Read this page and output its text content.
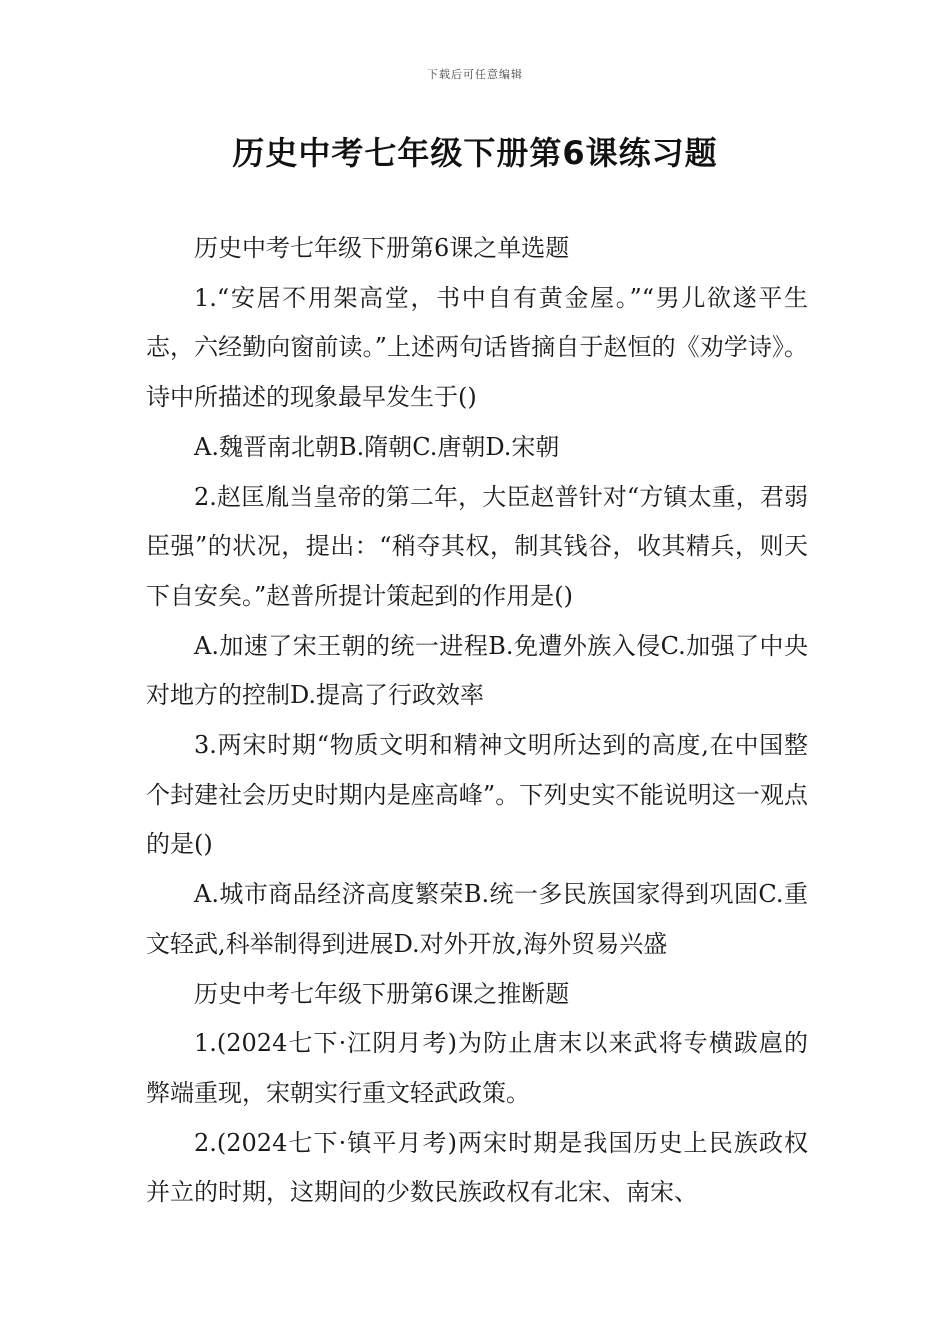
下载后可任意编辑
历史中考七年级下册第6课练习题

历史中考七年级下册第6课之单选题

1.“安居不用架高堂，书中自有黄金屋。”“男儿欲遂平生志，六经勤向窗前读。”上述两句话皆摘自于赵恒的《劝学诗》。诗中所描述的现象最早发生于()

A.魏晋南北朝B.隋朝C.唐朝D.宋朝

2.赵匡胤当皇帝的第二年，大臣赵普针对“方镇太重，君弱臣强”的状况，提出：“稍夺其权，制其钱谷，收其精兵，则天下自安矣。”赵普所提计策起到的作用是()

A.加速了宋王朝的统一进程B.免遭外族入侵C.加强了中央对地方的控制D.提高了行政效率

3.两宋时期“物质文明和精神文明所达到的高度,在中国整个封建社会历史时期内是座高峰”。下列史实不能说明这一观点的是()

A.城市商品经济高度繁荣B.统一多民族国家得到巩固C.重文轻武,科举制得到进展D.对外开放,海外贸易兴盛

历史中考七年级下册第6课之推断题

1.(2024七下·江阴月考)为防止唐末以来武将专横跋扈的弊端重现，宋朝实行重文轻武政策。

2.(2024七下·镇平月考)两宋时期是我国历史上民族政权并立的时期，这期间的少数民族政权有北宋、南宋、
